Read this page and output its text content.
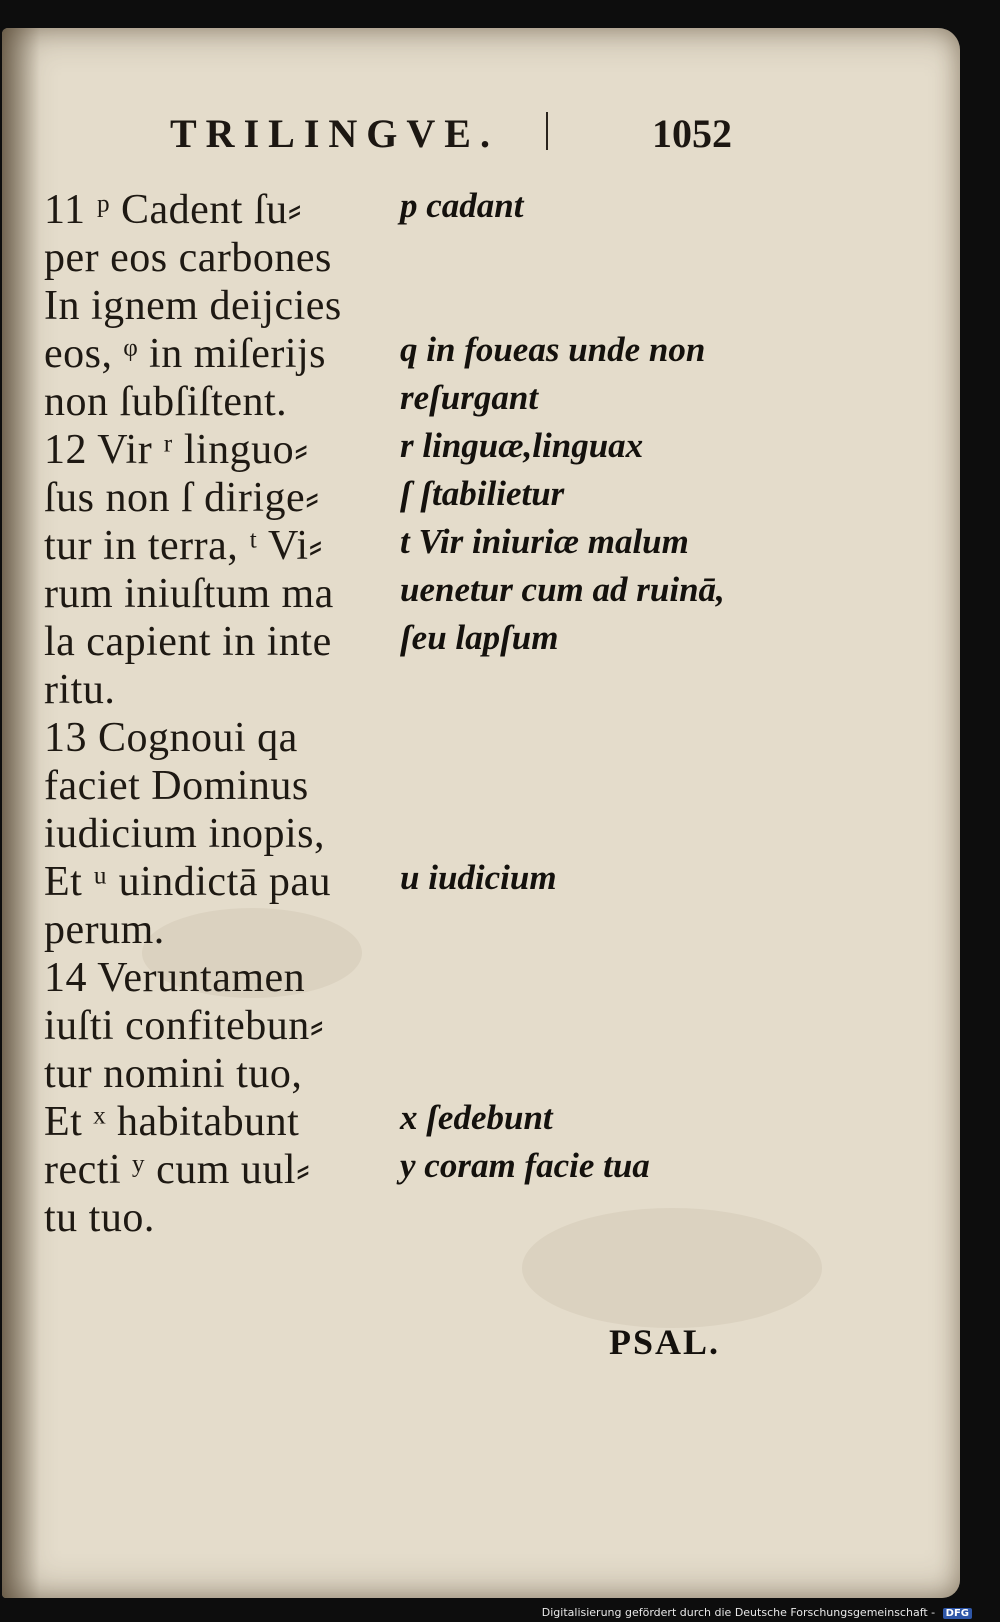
TRILINGVE.	1052
11 ᵖ Cadent ſu⸗
per eos carbones
In ignem deijcies
eos, ᵠ in miſerijs
non ſubſiſtent.
12 Vir ʳ linguo⸗
ſus non ſ dirige⸗
tur in terra, ᵗ Vi⸗
rum iniuſtum ma
la capient in inte
ritu.
13 Cognoui qa
faciet Dominus
iudicium inopis,
Et ᵘ uindictā pau
perum.
14 Veruntamen
iuſti confitebun⸗
tur nomini tuo,
Et ˣ habitabunt
recti ʸ cum uul⸗
tu tuo.
p cadant
q in foueas unde non
reſurgant
r linguæ,linguax
ſ ſtabilietur
t Vir iniuriæ malum
uenetur cum ad ruinā,
ſeu lapſum
u iudicium
x ſedebunt
y coram facie tua
PSAL.
Digitalisierung gefördert durch die Deutsche Forschungsgemeinschaft - DFG
